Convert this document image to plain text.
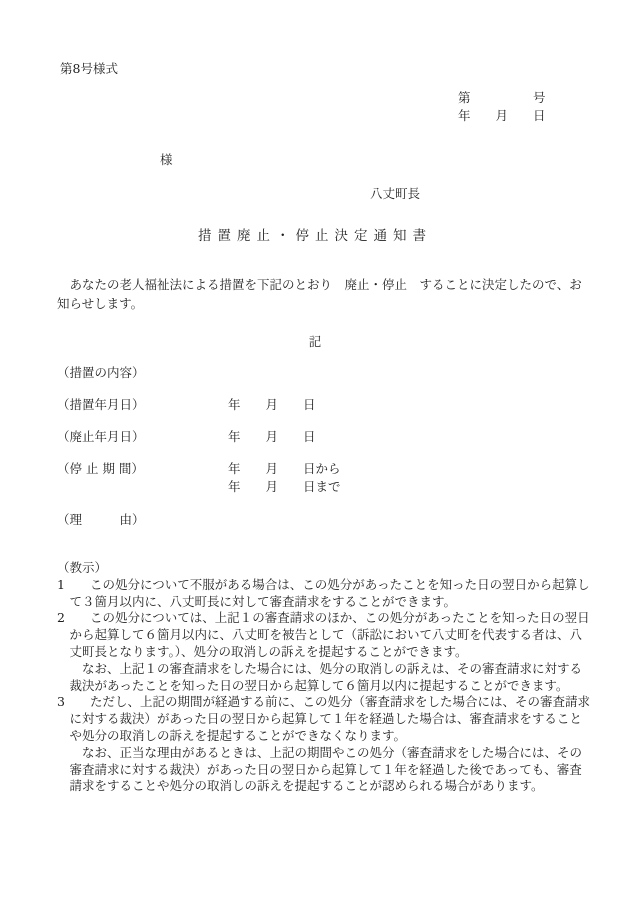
第8号様式
第　　　　　号
年　　月　　日
様
八丈町長
措置廃止・停止決定通知書
　あなたの老人福祉法による措置を下記のとおり　廃止・停止　することに決定したので、お
知らせします。
記
（措置の内容）
（措置年月日）	年　　月　　日
（廃止年月日）	年　　月　　日
（停 止 期 間）	年　　月　　日から
年　　月　　日まで
（理　　　由）
（教示）
1　　この処分について不服がある場合は、この処分があったことを知った日の翌日から起算し
　て３箇月以内に、八丈町長に対して審査請求をすることができます。
2　　この処分については、上記１の審査請求のほか、この処分があったことを知った日の翌日
　から起算して６箇月以内に、八丈町を被告として（訴訟において八丈町を代表する者は、八
　丈町長となります。）、処分の取消しの訴えを提起することができます。
　　なお、上記１の審査請求をした場合には、処分の取消しの訴えは、その審査請求に対する
　裁決があったことを知った日の翌日から起算して６箇月以内に提起することができます。
3　　ただし、上記の期間が経過する前に、この処分（審査請求をした場合には、その審査請求
　に対する裁決）があった日の翌日から起算して１年を経過した場合は、審査請求をすること
　や処分の取消しの訴えを提起することができなくなります。
　　なお、正当な理由があるときは、上記の期間やこの処分（審査請求をした場合には、その
　審査請求に対する裁決）があった日の翌日から起算して１年を経過した後であっても、審査
　請求をすることや処分の取消しの訴えを提起することが認められる場合があります。
